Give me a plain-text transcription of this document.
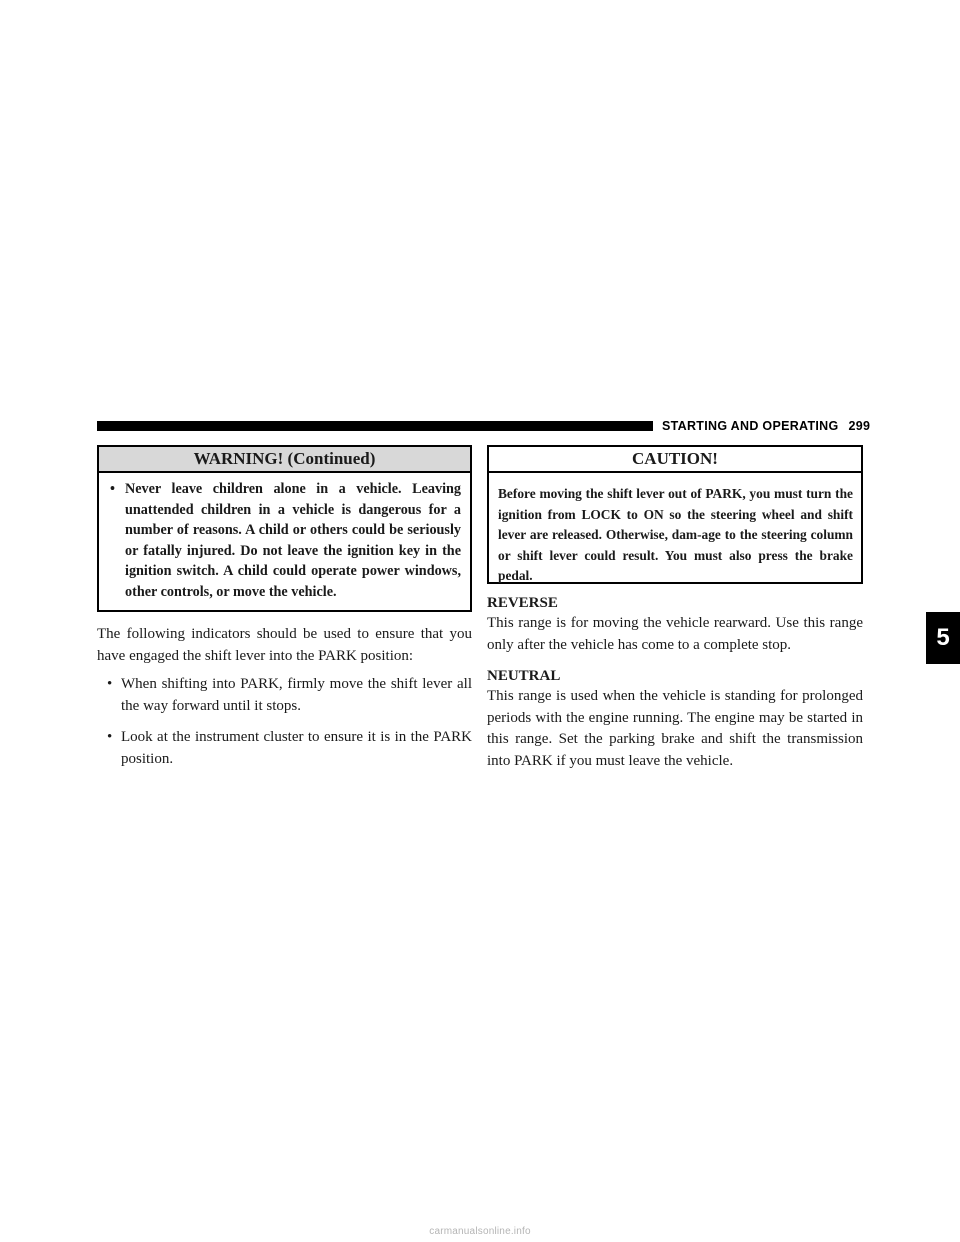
STARTING AND OPERATING 299
WARNING! (Continued)
• Never leave children alone in a vehicle. Leaving unattended children in a vehicle is dangerous for a number of reasons. A child or others could be seriously or fatally injured. Do not leave the ignition key in the ignition switch. A child could operate power windows, other controls, or move the vehicle.

The following indicators should be used to ensure that you have engaged the shift lever into the PARK position:

• When shifting into PARK, firmly move the shift lever all the way forward until it stops.
• Look at the instrument cluster to ensure it is in the PARK position.
CAUTION!

Before moving the shift lever out of PARK, you must turn the ignition from LOCK to ON so the steering wheel and shift lever are released. Otherwise, dam-age to the steering column or shift lever could result. You must also press the brake pedal.

REVERSE

This range is for moving the vehicle rearward. Use this range only after the vehicle has come to a complete stop.

NEUTRAL

This range is used when the vehicle is standing for prolonged periods with the engine running. The engine may be started in this range. Set the parking brake and shift the transmission into PARK if you must leave the vehicle.

5
carmanualsonline.info
